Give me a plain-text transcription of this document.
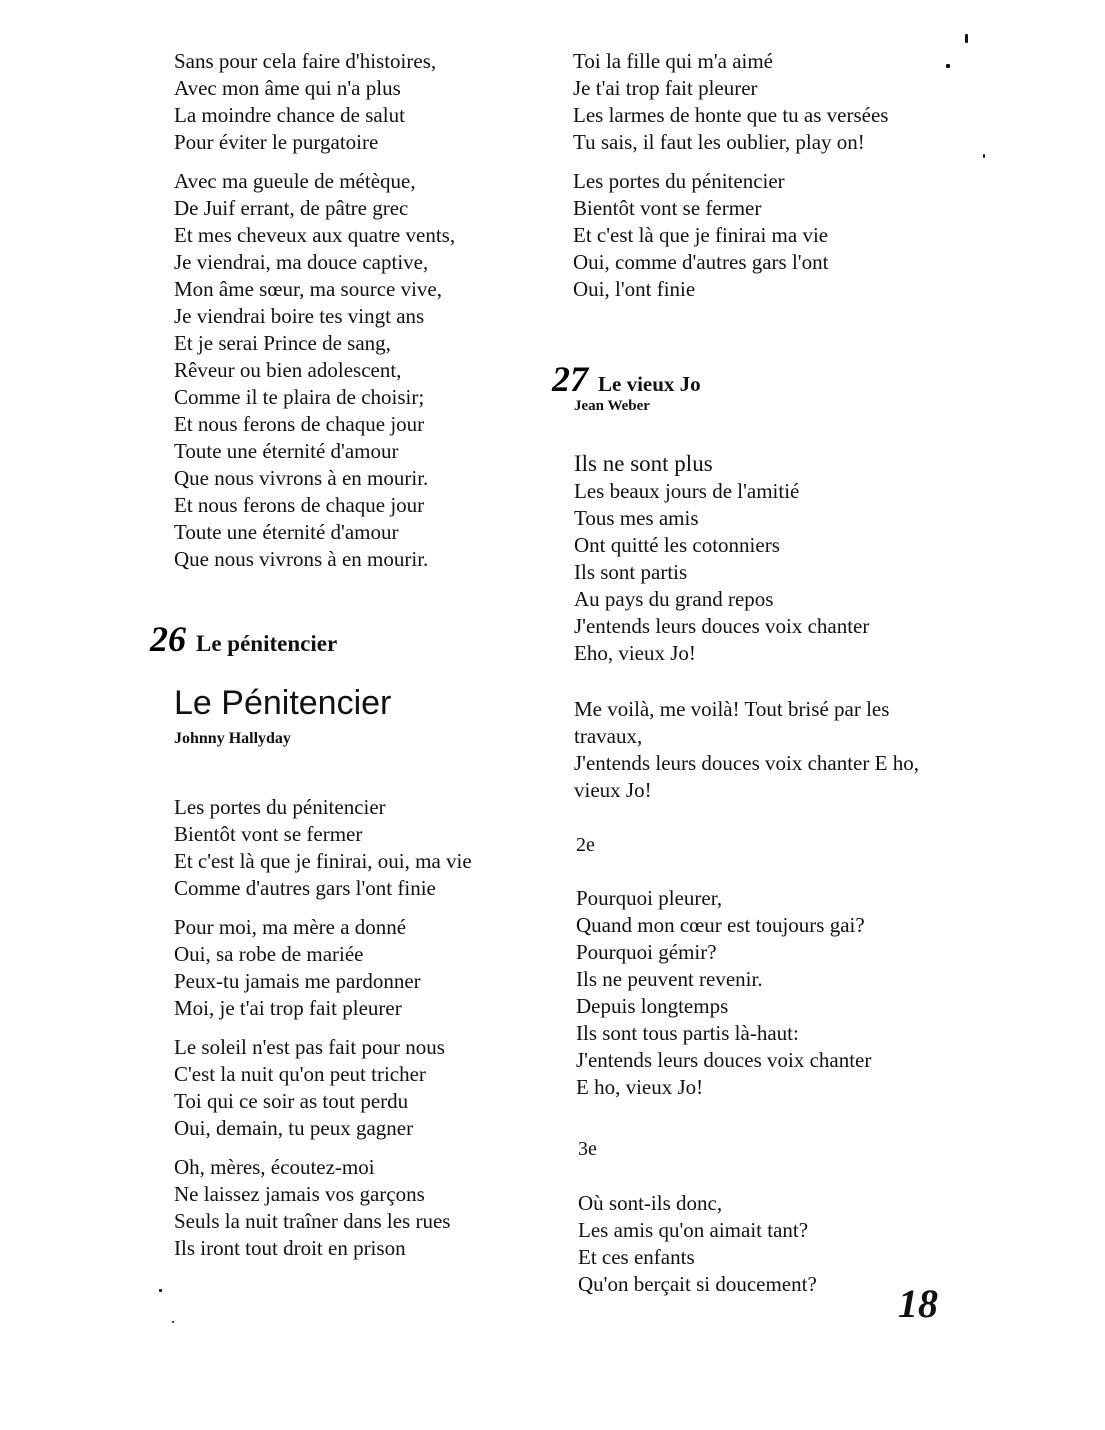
Sans pour cela faire d'histoires,
Avec mon âme qui n'a plus
La moindre chance de salut
Pour éviter le purgatoire
Avec ma gueule de métèque,
De Juif errant, de pâtre grec
Et mes cheveux aux quatre vents,
Je viendrai, ma douce captive,
Mon âme sœur, ma source vive,
Je viendrai boire tes vingt ans
Et je serai Prince de sang,
Rêveur ou bien adolescent,
Comme il te plaira de choisir;
Et nous ferons de chaque jour
Toute une éternité d'amour
Que nous vivrons à en mourir.
Et nous ferons de chaque jour
Toute une éternité d'amour
Que nous vivrons à en mourir.
26 Le pénitencier
Le Pénitencier
Johnny Hallyday
Les portes du pénitencier
Bientôt vont se fermer
Et c'est là que je finirai, oui, ma vie
Comme d'autres gars l'ont finie
Pour moi, ma mère a donné
Oui, sa robe de mariée
Peux-tu jamais me pardonner
Moi, je t'ai trop fait pleurer
Le soleil n'est pas fait pour nous
C'est la nuit qu'on peut tricher
Toi qui ce soir as tout perdu
Oui, demain, tu peux gagner
Oh, mères, écoutez-moi
Ne laissez jamais vos garçons
Seuls la nuit traîner dans les rues
Ils iront tout droit en prison
Toi la fille qui m'a aimé
Je t'ai trop fait pleurer
Les larmes de honte que tu as versées
Tu sais, il faut les oublier, play on!
Les portes du pénitencier
Bientôt vont se fermer
Et c'est là que je finirai ma vie
Oui, comme d'autres gars l'ont
Oui, l'ont finie
27 Le vieux Jo
Jean Weber
Ils ne sont plus
Les beaux jours de l'amitié
Tous mes amis
Ont quitté les cotonniers
Ils sont partis
Au pays du grand repos
J'entends leurs douces voix chanter
Eho, vieux Jo!
Me voilà, me voilà! Tout brisé par les
travaux,
J'entends leurs douces voix chanter E ho,
vieux Jo!
2e
Pourquoi pleurer,
Quand mon cœur est toujours gai?
Pourquoi gémir?
Ils ne peuvent revenir.
Depuis longtemps
Ils sont tous partis là-haut:
J'entends leurs douces voix chanter
E ho, vieux Jo!
3e
Où sont-ils donc,
Les amis qu'on aimait tant?
Et ces enfants
Qu'on berçait si doucement?	18
